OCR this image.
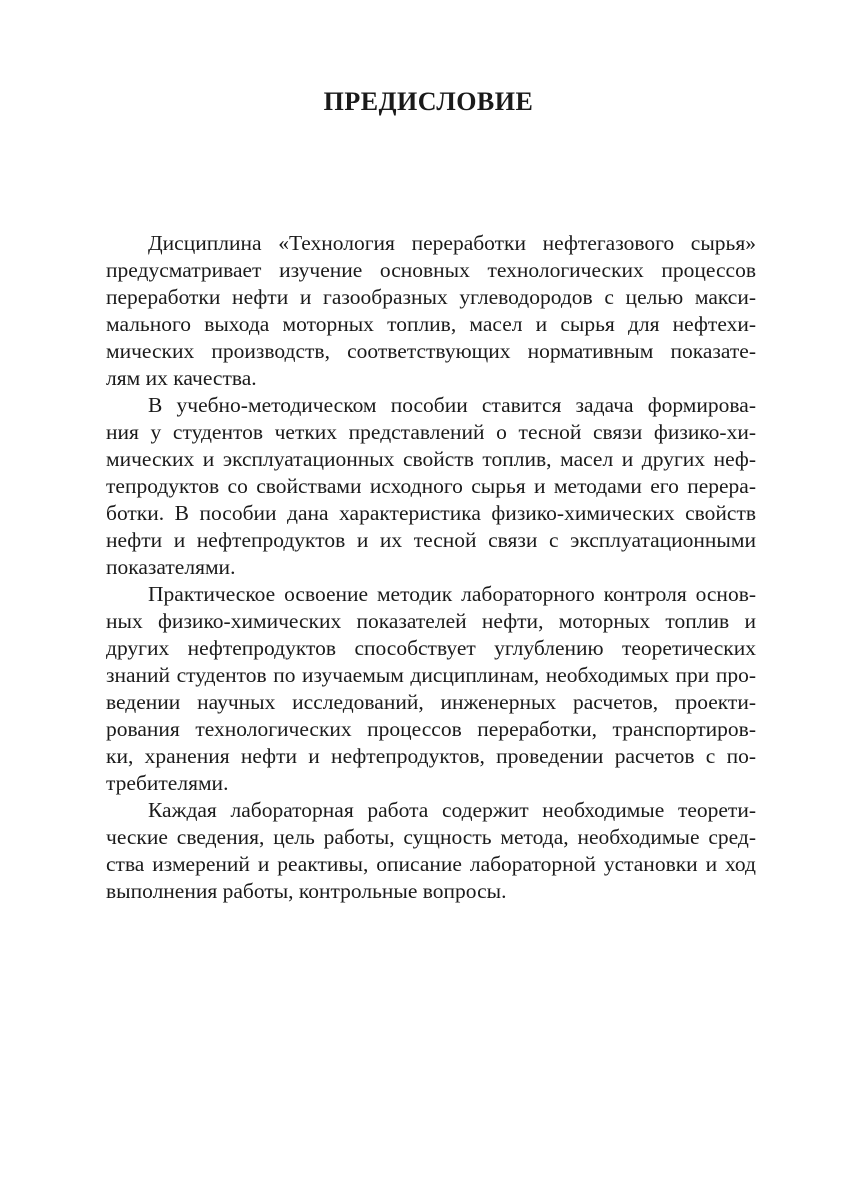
ПРЕДИСЛОВИЕ
Дисциплина «Технология переработки нефтегазового сырья»
предусматривает изучение основных технологических процессов
переработки нефти и газообразных углеводородов с целью макси-
мального выхода моторных топлив, масел и сырья для нефтехи-
мических производств, соответствующих нормативным показате-
лям их качества.
В учебно-методическом пособии ставится задача формирова-
ния у студентов четких представлений о тесной связи физико-хи-
мических и эксплуатационных свойств топлив, масел и других неф-
тепродуктов со свойствами исходного сырья и методами его перера-
ботки. В пособии дана характеристика физико-химических свойств
нефти и нефтепродуктов и их тесной связи с эксплуатационными
показателями.
Практическое освоение методик лабораторного контроля основ-
ных физико-химических показателей нефти, моторных топлив и
других нефтепродуктов способствует углублению теоретических
знаний студентов по изучаемым дисциплинам, необходимых при про-
ведении научных исследований, инженерных расчетов, проекти-
рования технологических процессов переработки, транспортиров-
ки, хранения нефти и нефтепродуктов, проведении расчетов с по-
требителями.
Каждая лабораторная работа содержит необходимые теорети-
ческие сведения, цель работы, сущность метода, необходимые сред-
ства измерений и реактивы, описание лабораторной установки и ход
выполнения работы, контрольные вопросы.
